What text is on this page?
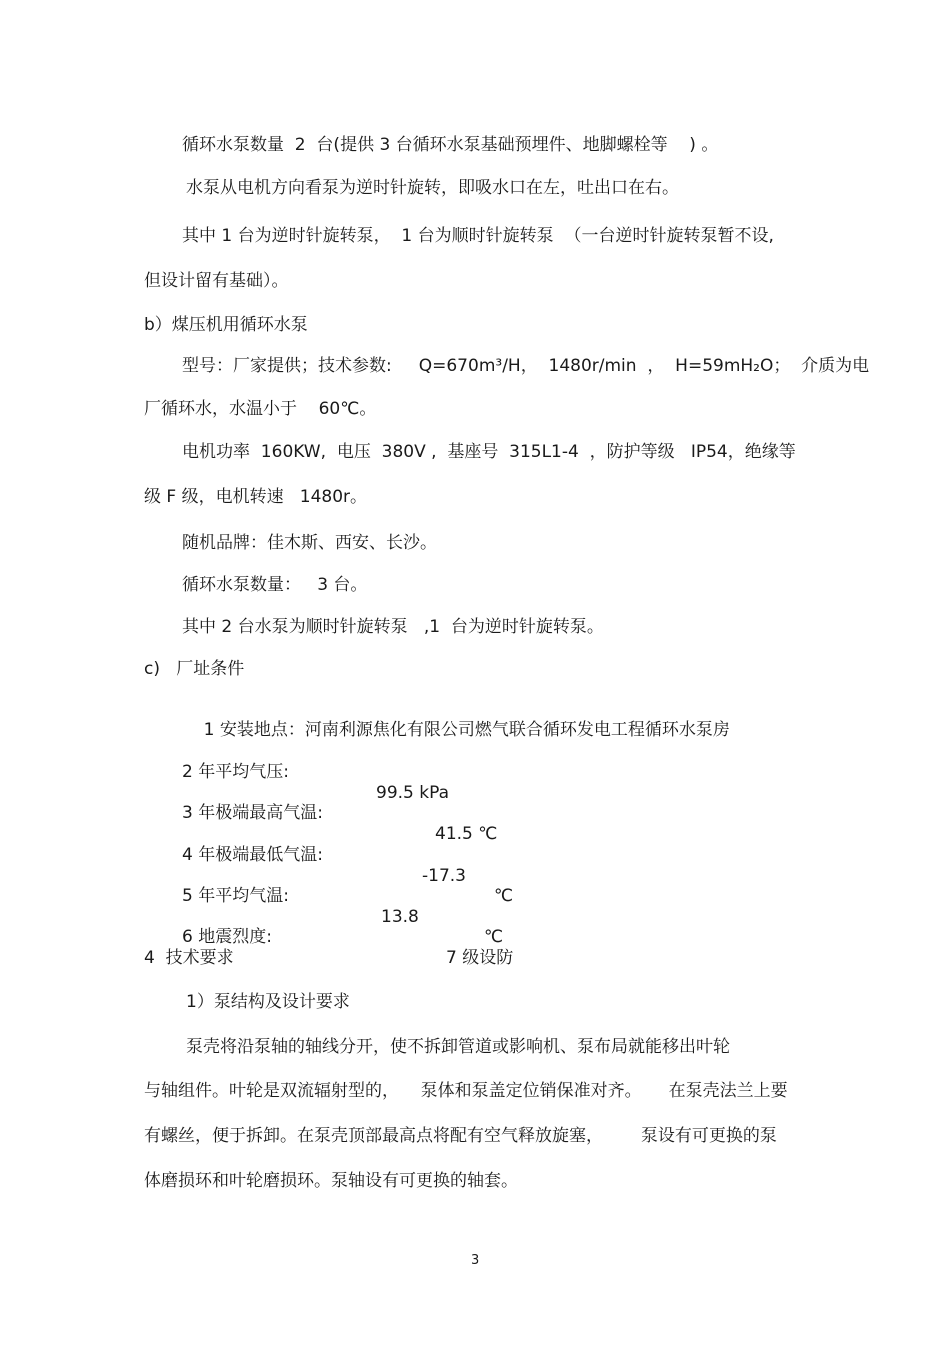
循环水泵数量  2  台(提供 3 台循环水泵基础预埋件、地脚螺栓等    ) 。
水泵从电机方向看泵为逆时针旋转，即吸水口在左，吐出口在右。
其中 1 台为逆时针旋转泵，  1 台为顺时针旋转泵  （一台逆时针旋转泵暂不设,
但设计留有基础）。
b）煤压机用循环水泵
型号：厂家提供；技术参数:     Q=670m³/H，  1480r/min  ，  H=59mH₂O；  介质为电
厂循环水，水温小于    60℃。
电机功率  160KW,  电压  380V ,  基座号  315L1-4  ，防护等级   IP54，绝缘等
级 F 级，电机转速   1480r。
随机品牌：佳木斯、西安、长沙。
循环水泵数量：   3 台。
其中 2 台水泵为顺时针旋转泵   ,1  台为逆时针旋转泵。
c)   厂址条件

1 安装地点：河南利源焦化有限公司燃气联合循环发电工程循环水泵房

2 年平均气压:

99.5 kPa

3 年极端最高气温:

41.5 ℃

4 年极端最低气温:

-17.3

℃

5 年平均气温:

13.8

℃

6 地震烈度:

7 级设防

4  技术要求
1）泵结构及设计要求
泵壳将沿泵轴的轴线分开，使不拆卸管道或影响机、泵布局就能移出叶轮
与轴组件。叶轮是双流辐射型的，    泵体和泵盖定位销保准对齐。     在泵壳法兰上要
有螺丝，便于拆卸。在泵壳顶部最高点将配有空气释放旋塞，       泵设有可更换的泵
体磨损环和叶轮磨损环。泵轴设有可更换的轴套。
3
